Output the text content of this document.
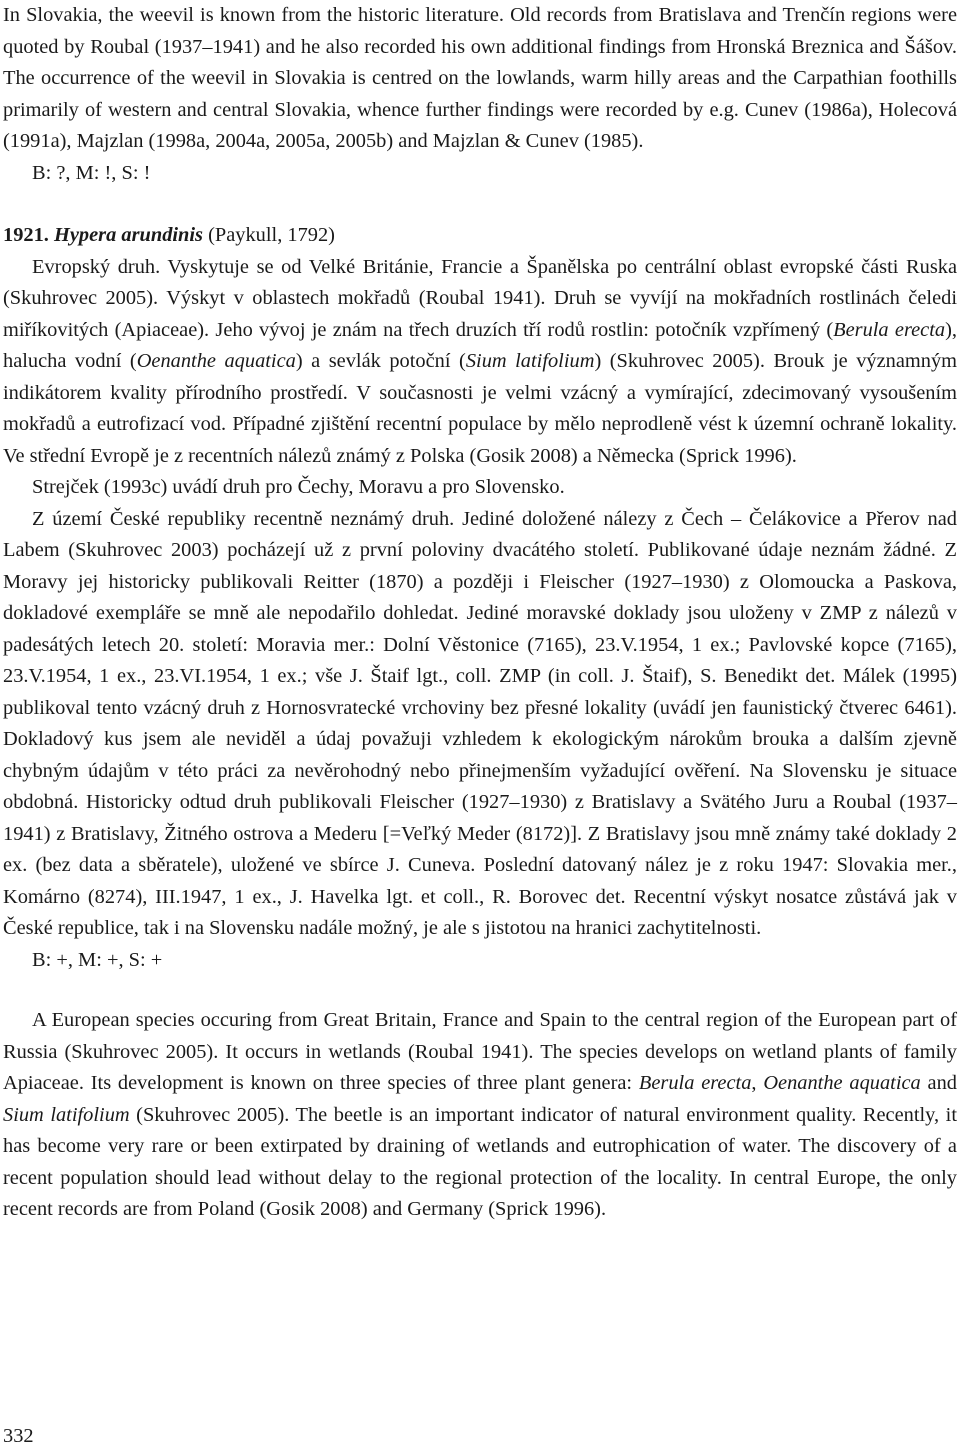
In Slovakia, the weevil is known from the historic literature. Old records from Bratislava and Trenčín regions were quoted by Roubal (1937–1941) and he also recorded his own additional findings from Hronská Breznica and Šášov. The occurrence of the weevil in Slovakia is centred on the lowlands, warm hilly areas and the Carpathian foothills primarily of western and central Slovakia, whence further findings were recorded by e.g. Cunev (1986a), Holecová (1991a), Majzlan (1998a, 2004a, 2005a, 2005b) and Majzlan & Cunev (1985).

B: ?, M: !, S: !

1921. Hypera arundinis (Paykull, 1792)

Evropský druh. Vyskytuje se od Velké Británie, Francie a Španělska po centrální oblast evropské části Ruska (Skuhrovec 2005). Výskyt v oblastech mokřadů (Roubal 1941). Druh se vyvíjí na mokřadních rostlinách čeledi miříkovitých (Apiaceae). Jeho vývoj je znám na třech druzích tří rodů rostlin: potočník vzpřímený (Berula erecta), halucha vodní (Oenanthe aquatica) a sevlák potoční (Sium latifolium) (Skuhrovec 2005). Brouk je významným indikátorem kvality přírodního prostředí. V současnosti je velmi vzácný a vymírající, zdecimovaný vysoušením mokřadů a eutrofizací vod. Případné zjištění recentní populace by mělo neprodleně vést k územní ochraně lokality. Ve střední Evropě je z recentních nálezů známý z Polska (Gosik 2008) a Německa (Sprick 1996).

Strejček (1993c) uvádí druh pro Čechy, Moravu a pro Slovensko.

Z území České republiky recentně neznámý druh. Jediné doložené nálezy z Čech – Čelákovice a Přerov nad Labem (Skuhrovec 2003) pocházejí už z první poloviny dvacátého století. Publikované údaje neznám žádné. Z Moravy jej historicky publikovali Reitter (1870) a později i Fleischer (1927–1930) z Olomoucka a Paskova, dokladové exempláře se mně ale nepodařilo dohledat. Jediné moravské doklady jsou uloženy v ZMP z nálezů v padesátých letech 20. století: Moravia mer.: Dolní Věstonice (7165), 23.V.1954, 1 ex.; Pavlovské kopce (7165), 23.V.1954, 1 ex., 23.VI.1954, 1 ex.; vše J. Štaif lgt., coll. ZMP (in coll. J. Štaif), S. Benedikt det. Málek (1995) publikoval tento vzácný druh z Hornosvratecké vrchoviny bez přesné lokality (uvádí jen faunistický čtverec 6461). Dokladový kus jsem ale neviděl a údaj považuji vzhledem k ekologickým nárokům brouka a dalším zjevně chybným údajům v této práci za nevěrohodný nebo přinejmenším vyžadující ověření. Na Slovensku je situace obdobná. Historicky odtud druh publikovali Fleischer (1927–1930) z Bratislavy a Svätého Juru a Roubal (1937–1941) z Bratislavy, Žitného ostrova a Mederu [=Veľký Meder (8172)]. Z Bratislavy jsou mně známy také doklady 2 ex. (bez data a sběratele), uložené ve sbírce J. Cuneva. Poslední datovaný nález je z roku 1947: Slovakia mer., Komárno (8274), III.1947, 1 ex., J. Havelka lgt. et coll., R. Borovec det. Recentní výskyt nosatce zůstává jak v České republice, tak i na Slovensku nadále možný, je ale s jistotou na hranici zachytitelnosti.

B: +, M: +, S: +

A European species occuring from Great Britain, France and Spain to the central region of the European part of Russia (Skuhrovec 2005). It occurs in wetlands (Roubal 1941). The species develops on wetland plants of family Apiaceae. Its development is known on three species of three plant genera: Berula erecta, Oenanthe aquatica and Sium latifolium (Skuhrovec 2005). The beetle is an important indicator of natural environment quality. Recently, it has become very rare or been extirpated by draining of wetlands and eutrophication of water. The discovery of a recent population should lead without delay to the regional protection of the locality. In central Europe, the only recent records are from Poland (Gosik 2008) and Germany (Sprick 1996).

332
